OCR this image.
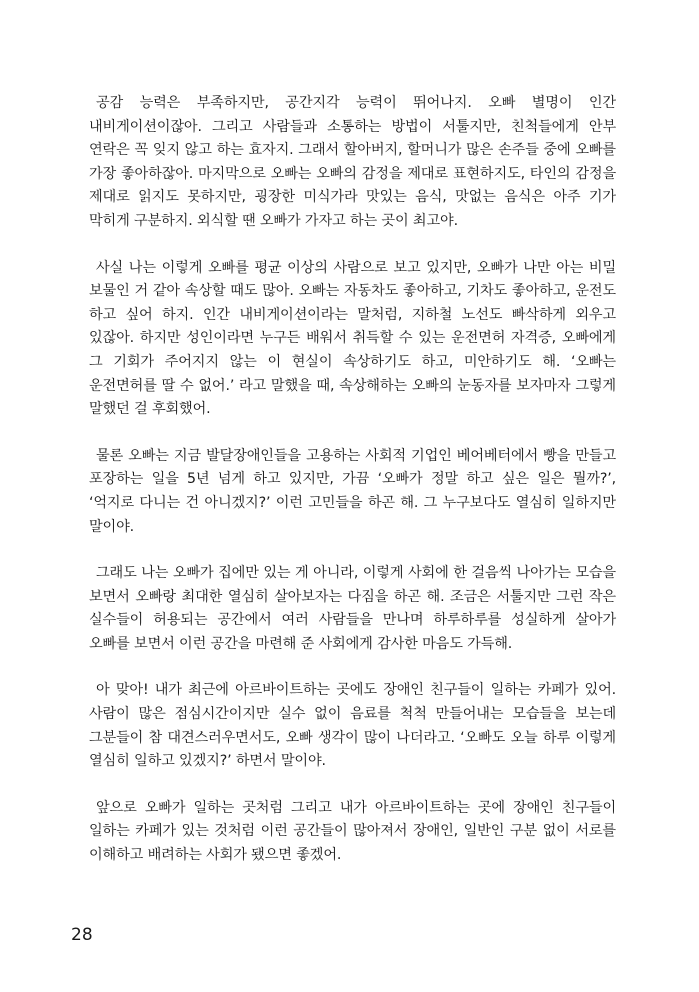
공감 능력은 부족하지만, 공간지각 능력이 뛰어나지. 오빠 별명이 인간 내비게이션이잖아. 그리고 사람들과 소통하는 방법이 서툴지만, 친척들에게 안부 연락은 꼭 잊지 않고 하는 효자지. 그래서 할아버지, 할머니가 많은 손주들 중에 오빠를 가장 좋아하잖아. 마지막으로 오빠는 오빠의 감정을 제대로 표현하지도, 타인의 감정을 제대로 읽지도 못하지만, 굉장한 미식가라 맛있는 음식, 맛없는 음식은 아주 기가 막히게 구분하지. 외식할 땐 오빠가 가자고 하는 곳이 최고야.

사실 나는 이렇게 오빠를 평균 이상의 사람으로 보고 있지만, 오빠가 나만 아는 비밀 보물인 거 같아 속상할 때도 많아. 오빠는 자동차도 좋아하고, 기차도 좋아하고, 운전도 하고 싶어 하지. 인간 내비게이션이라는 말처럼, 지하철 노선도 빠삭하게 외우고 있잖아. 하지만 성인이라면 누구든 배워서 취득할 수 있는 운전면허 자격증, 오빠에게 그 기회가 주어지지 않는 이 현실이 속상하기도 하고, 미안하기도 해. ‘오빠는 운전면허를 딸 수 없어.’ 라고 말했을 때, 속상해하는 오빠의 눈동자를 보자마자 그렇게 말했던 걸 후회했어.

물론 오빠는 지금 발달장애인들을 고용하는 사회적 기업인 베어베터에서 빵을 만들고 포장하는 일을 5년 넘게 하고 있지만, 가끔 ‘오빠가 정말 하고 싶은 일은 뭘까?’, ‘억지로 다니는 건 아니겠지?’ 이런 고민들을 하곤 해. 그 누구보다도 열심히 일하지만 말이야.

그래도 나는 오빠가 집에만 있는 게 아니라, 이렇게 사회에 한 걸음씩 나아가는 모습을 보면서 오빠랑 최대한 열심히 살아보자는 다짐을 하곤 해. 조금은 서툴지만 그런 작은 실수들이 허용되는 공간에서 여러 사람들을 만나며 하루하루를 성실하게 살아가 오빠를 보면서 이런 공간을 마련해 준 사회에게 감사한 마음도 가득해.

아 맞아! 내가 최근에 아르바이트하는 곳에도 장애인 친구들이 일하는 카페가 있어. 사람이 많은 점심시간이지만 실수 없이 음료를 척척 만들어내는 모습들을 보는데 그분들이 참 대견스러우면서도, 오빠 생각이 많이 나더라고. ‘오빠도 오늘 하루 이렇게 열심히 일하고 있겠지?’ 하면서 말이야.

앞으로 오빠가 일하는 곳처럼 그리고 내가 아르바이트하는 곳에 장애인 친구들이 일하는 카페가 있는 것처럼 이런 공간들이 많아져서 장애인, 일반인 구분 없이 서로를 이해하고 배려하는 사회가 됐으면 좋겠어.

28
